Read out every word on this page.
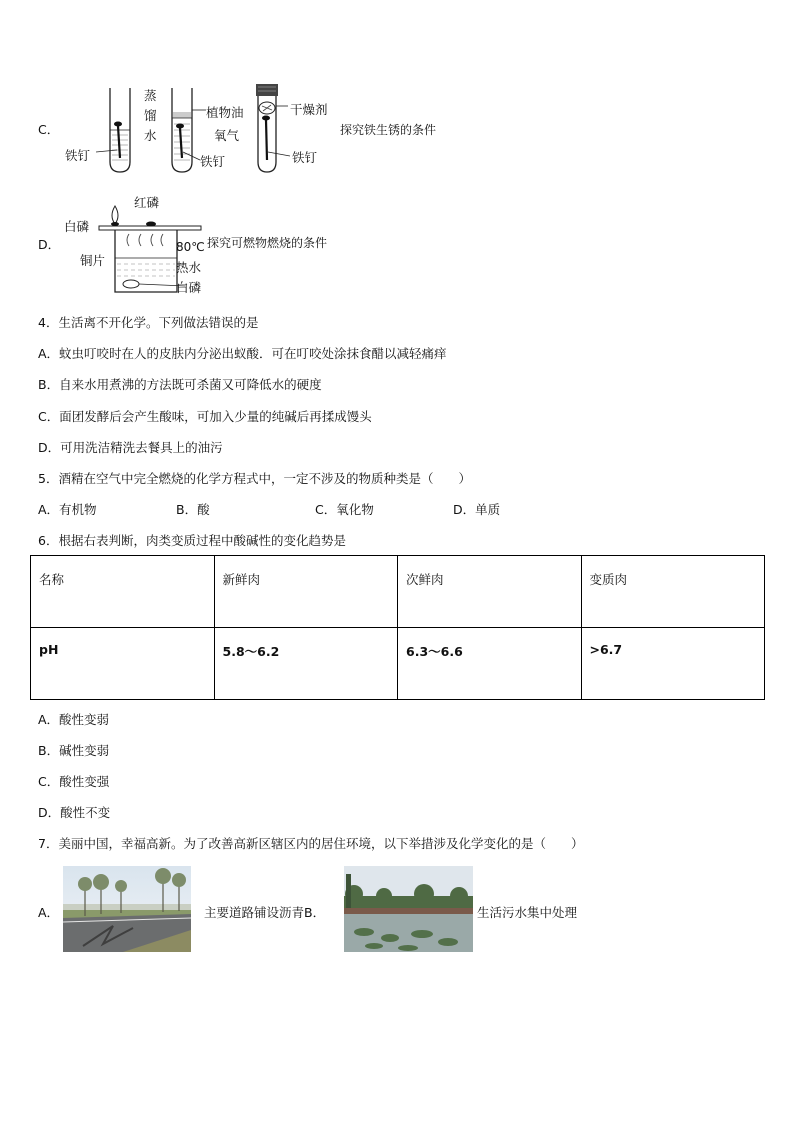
C．
蒸
馏
水
铁钉
植物油
铁钉
干燥剂
氧气
铁钉
探究铁生锈的条件
D．
红磷
白磷
铜片
80℃
热水
白磷
探究可燃物燃烧的条件
4．生活离不开化学。下列做法错误的是
A．蚊虫叮咬时在人的皮肤内分泌出蚁酸．可在叮咬处涂抹食醋以减轻痛痒
B．自来水用煮沸的方法既可杀菌又可降低水的硬度
C．面团发酵后会产生酸味，可加入少量的纯碱后再揉成馒头
D．可用洗洁精洗去餐具上的油污
5．酒精在空气中完全燃烧的化学方程式中，一定不涉及的物质种类是（　　）
A．有机物	B．酸	C．氧化物	D．单质
6．根据右表判断，肉类变质过程中酸碱性的变化趋势是
名称	新鲜肉	次鲜肉	变质肉
pH	5.8～6.2	6.3～6.6	>6.7
A．酸性变弱
B．碱性变弱
C．酸性变强
D．酸性不变
7．美丽中国，幸福高新。为了改善高新区辖区内的居住环境，以下举措涉及化学变化的是（　　）
A．	主要道路铺设沥青B．	生活污水集中处理
